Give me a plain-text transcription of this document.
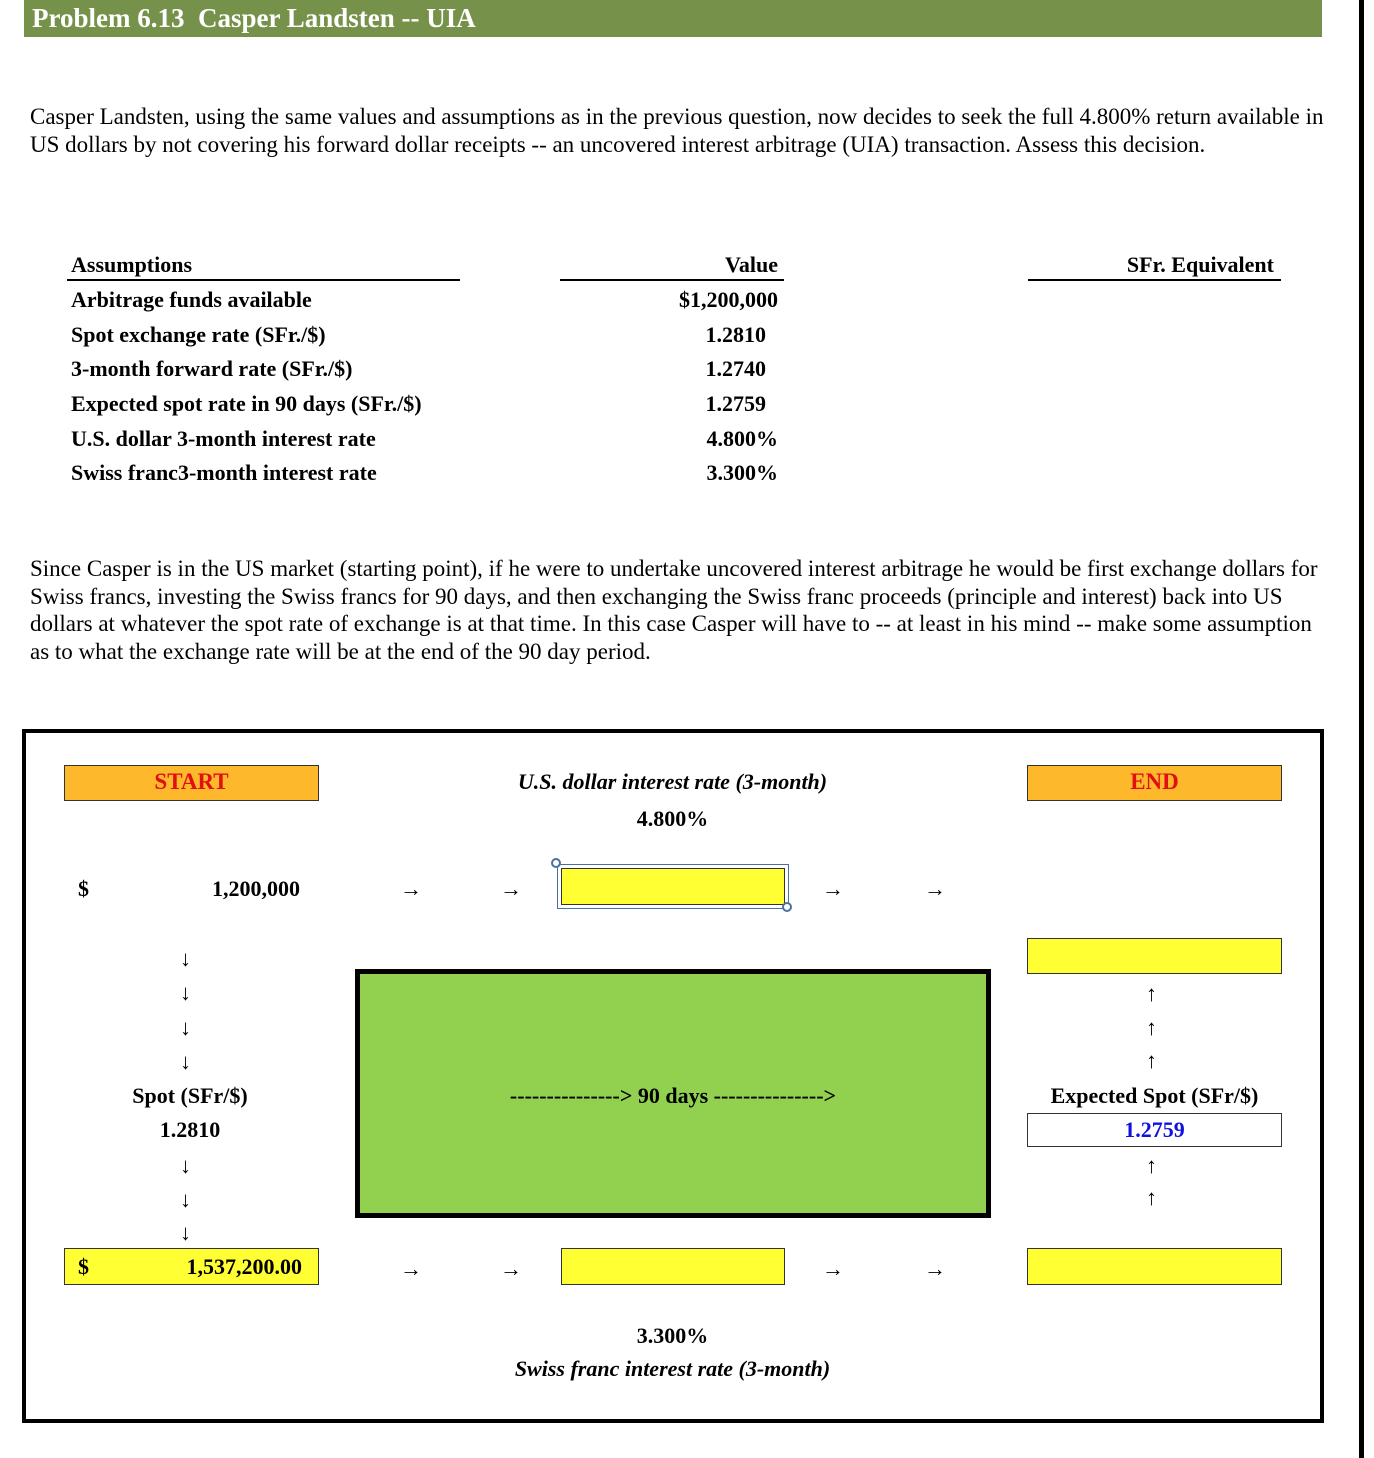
Problem 6.13  Casper Landsten -- UIA
Casper Landsten, using the same values and assumptions as in the previous question, now decides to seek the full 4.800% return available in US dollars by not covering his forward dollar receipts -- an uncovered interest arbitrage (UIA) transaction. Assess this decision.
Assumptions	Value	SFr. Equivalent
Arbitrage funds available	$1,200,000
Spot exchange rate (SFr./$)	1.2810
3-month forward rate (SFr./$)	1.2740
Expected spot rate in 90 days (SFr./$)	1.2759
U.S. dollar 3-month interest rate	4.800%
Swiss franc3-month interest rate	3.300%
Since Casper is in the US market (starting point), if he were to undertake uncovered interest arbitrage he would be first exchange dollars for Swiss francs, investing the Swiss francs for 90 days, and then exchanging the Swiss franc proceeds (principle and interest) back into US dollars at whatever the spot rate of exchange is at that time. In this case Casper will have to -- at least in his mind -- make some assumption as to what the exchange rate will be at the end of the 90 day period.
START	END
U.S. dollar interest rate (3-month)
4.800%
$	1,200,000	→	→	→	→
↓
↓
↓
↓
Spot (SFr/$)
1.2810
↓
↓
↓
---------------> 90 days --------------->
↑
↑
↑
Expected Spot (SFr/$)
1.2759
↑
↑
$	1,537,200.00	→	→	→	→
3.300%
Swiss franc interest rate (3-month)
